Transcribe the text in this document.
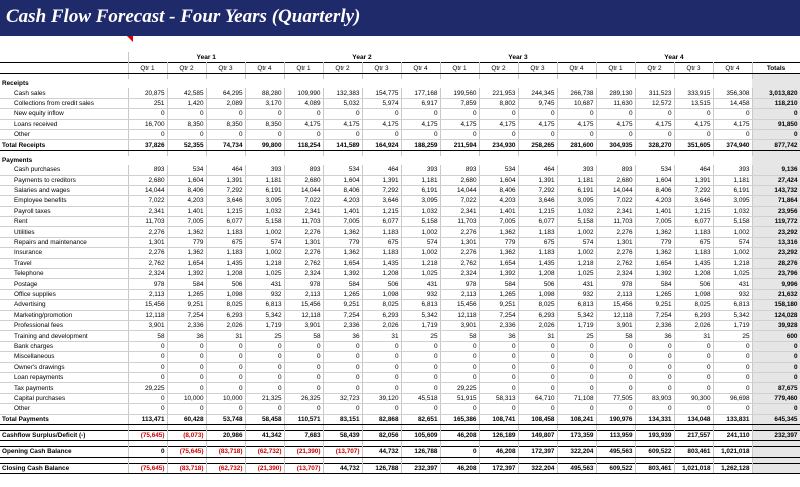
Cash Flow Forecast - Four Years (Quarterly)
	Year 1				Year 2				Year 3				Year 4				
	Qtr 1	Qtr 2	Qtr 3	Qtr 4	Qtr 1	Qtr 2	Qtr 3	Qtr 4	Qtr 1	Qtr 2	Qtr 3	Qtr 4	Qtr 1	Qtr 2	Qtr 3	Qtr 4	Totals

Receipts																	
Cash sales	20,875	42,585	64,295	88,280	109,990	132,383	154,775	177,168	199,560	221,953	244,345	266,738	289,130	311,523	333,915	356,308	3,013,820
Collections from credit sales	251	1,420	2,089	3,170	4,089	5,032	5,974	6,917	7,859	8,802	9,745	10,687	11,630	12,572	13,515	14,458	118,210
New equity inflow	0	0	0	0	0	0	0	0	0	0	0	0	0	0	0	0	0
Loans received	16,700	8,350	8,350	8,350	4,175	4,175	4,175	4,175	4,175	4,175	4,175	4,175	4,175	4,175	4,175	4,175	91,850
Other	0	0	0	0	0	0	0	0	0	0	0	0	0	0	0	0	0
Total Receipts	37,826	52,355	74,734	99,800	118,254	141,589	164,924	188,259	211,594	234,930	258,265	281,600	304,935	328,270	351,605	374,940	877,742

Payments																	
Cash purchases	893	534	464	393	893	534	464	393	893	534	464	393	893	534	464	393	9,136
Payments to creditors	2,680	1,604	1,391	1,181	2,680	1,604	1,391	1,181	2,680	1,604	1,391	1,181	2,680	1,604	1,391	1,181	27,424
Salaries and wages	14,044	8,406	7,292	6,191	14,044	8,406	7,292	6,191	14,044	8,406	7,292	6,191	14,044	8,406	7,292	6,191	143,732
Employee benefits	7,022	4,203	3,646	3,095	7,022	4,203	3,646	3,095	7,022	4,203	3,646	3,095	7,022	4,203	3,646	3,095	71,864
Payroll taxes	2,341	1,401	1,215	1,032	2,341	1,401	1,215	1,032	2,341	1,401	1,215	1,032	2,341	1,401	1,215	1,032	23,956
Rent	11,703	7,005	6,077	5,158	11,703	7,005	6,077	5,158	11,703	7,005	6,077	5,158	11,703	7,005	6,077	5,158	119,772
Utilities	2,276	1,362	1,183	1,002	2,276	1,362	1,183	1,002	2,276	1,362	1,183	1,002	2,276	1,362	1,183	1,002	23,292
Repairs and maintenance	1,301	779	675	574	1,301	779	675	574	1,301	779	675	574	1,301	779	675	574	13,316
Insurance	2,276	1,362	1,183	1,002	2,276	1,362	1,183	1,002	2,276	1,362	1,183	1,002	2,276	1,362	1,183	1,002	23,292
Travel	2,762	1,654	1,435	1,218	2,762	1,654	1,435	1,218	2,762	1,654	1,435	1,218	2,762	1,654	1,435	1,218	28,276
Telephone	2,324	1,392	1,208	1,025	2,324	1,392	1,208	1,025	2,324	1,392	1,208	1,025	2,324	1,392	1,208	1,025	23,796
Postage	978	584	506	431	978	584	506	431	978	584	506	431	978	584	506	431	9,996
Office supplies	2,113	1,265	1,098	932	2,113	1,265	1,098	932	2,113	1,265	1,098	932	2,113	1,265	1,098	932	21,632
Advertising	15,456	9,251	8,025	6,813	15,456	9,251	8,025	6,813	15,456	9,251	8,025	6,813	15,456	9,251	8,025	6,813	158,180
Marketing/promotion	12,118	7,254	6,293	5,342	12,118	7,254	6,293	5,342	12,118	7,254	6,293	5,342	12,118	7,254	6,293	5,342	124,028
Professional fees	3,901	2,336	2,026	1,719	3,901	2,336	2,026	1,719	3,901	2,336	2,026	1,719	3,901	2,336	2,026	1,719	39,928
Training and development	58	36	31	25	58	36	31	25	58	36	31	25	58	36	31	25	600
Bank charges	0	0	0	0	0	0	0	0	0	0	0	0	0	0	0	0	0
Miscellaneous	0	0	0	0	0	0	0	0	0	0	0	0	0	0	0	0	0
Owner's drawings	0	0	0	0	0	0	0	0	0	0	0	0	0	0	0	0	0
Loan repayments	0	0	0	0	0	0	0	0	0	0	0	0	0	0	0	0	0
Tax payments	29,225	0	0	0	0	0	0	0	29,225	0	0	0	0	0	0	0	87,675
Capital purchases	0	10,000	10,000	21,325	26,325	32,723	39,120	45,518	51,915	58,313	64,710	71,108	77,505	83,903	90,300	96,698	779,460
Other	0	0	0	0	0	0	0	0	0	0	0	0	0	0	0	0	0
Total Payments	113,471	60,428	53,748	58,458	110,571	83,151	82,868	82,651	165,386	108,741	108,458	108,241	190,976	134,331	134,048	133,831	645,345

Cashflow Surplus/Deficit (-)	(75,645)	(8,073)	20,986	41,342	7,683	58,439	82,056	105,609	46,208	126,189	149,807	173,359	113,959	193,939	217,557	241,110	232,397

Opening Cash Balance	0	(75,645)	(83,718)	(62,732)	(21,390)	(13,707)	44,732	126,788	0	46,208	172,397	322,204	495,563	609,522	803,461	1,021,018	

Closing Cash Balance	(75,645)	(83,718)	(62,732)	(21,390)	(13,707)	44,732	126,788	232,397	46,208	172,397	322,204	495,563	609,522	803,461	1,021,018	1,262,128	
